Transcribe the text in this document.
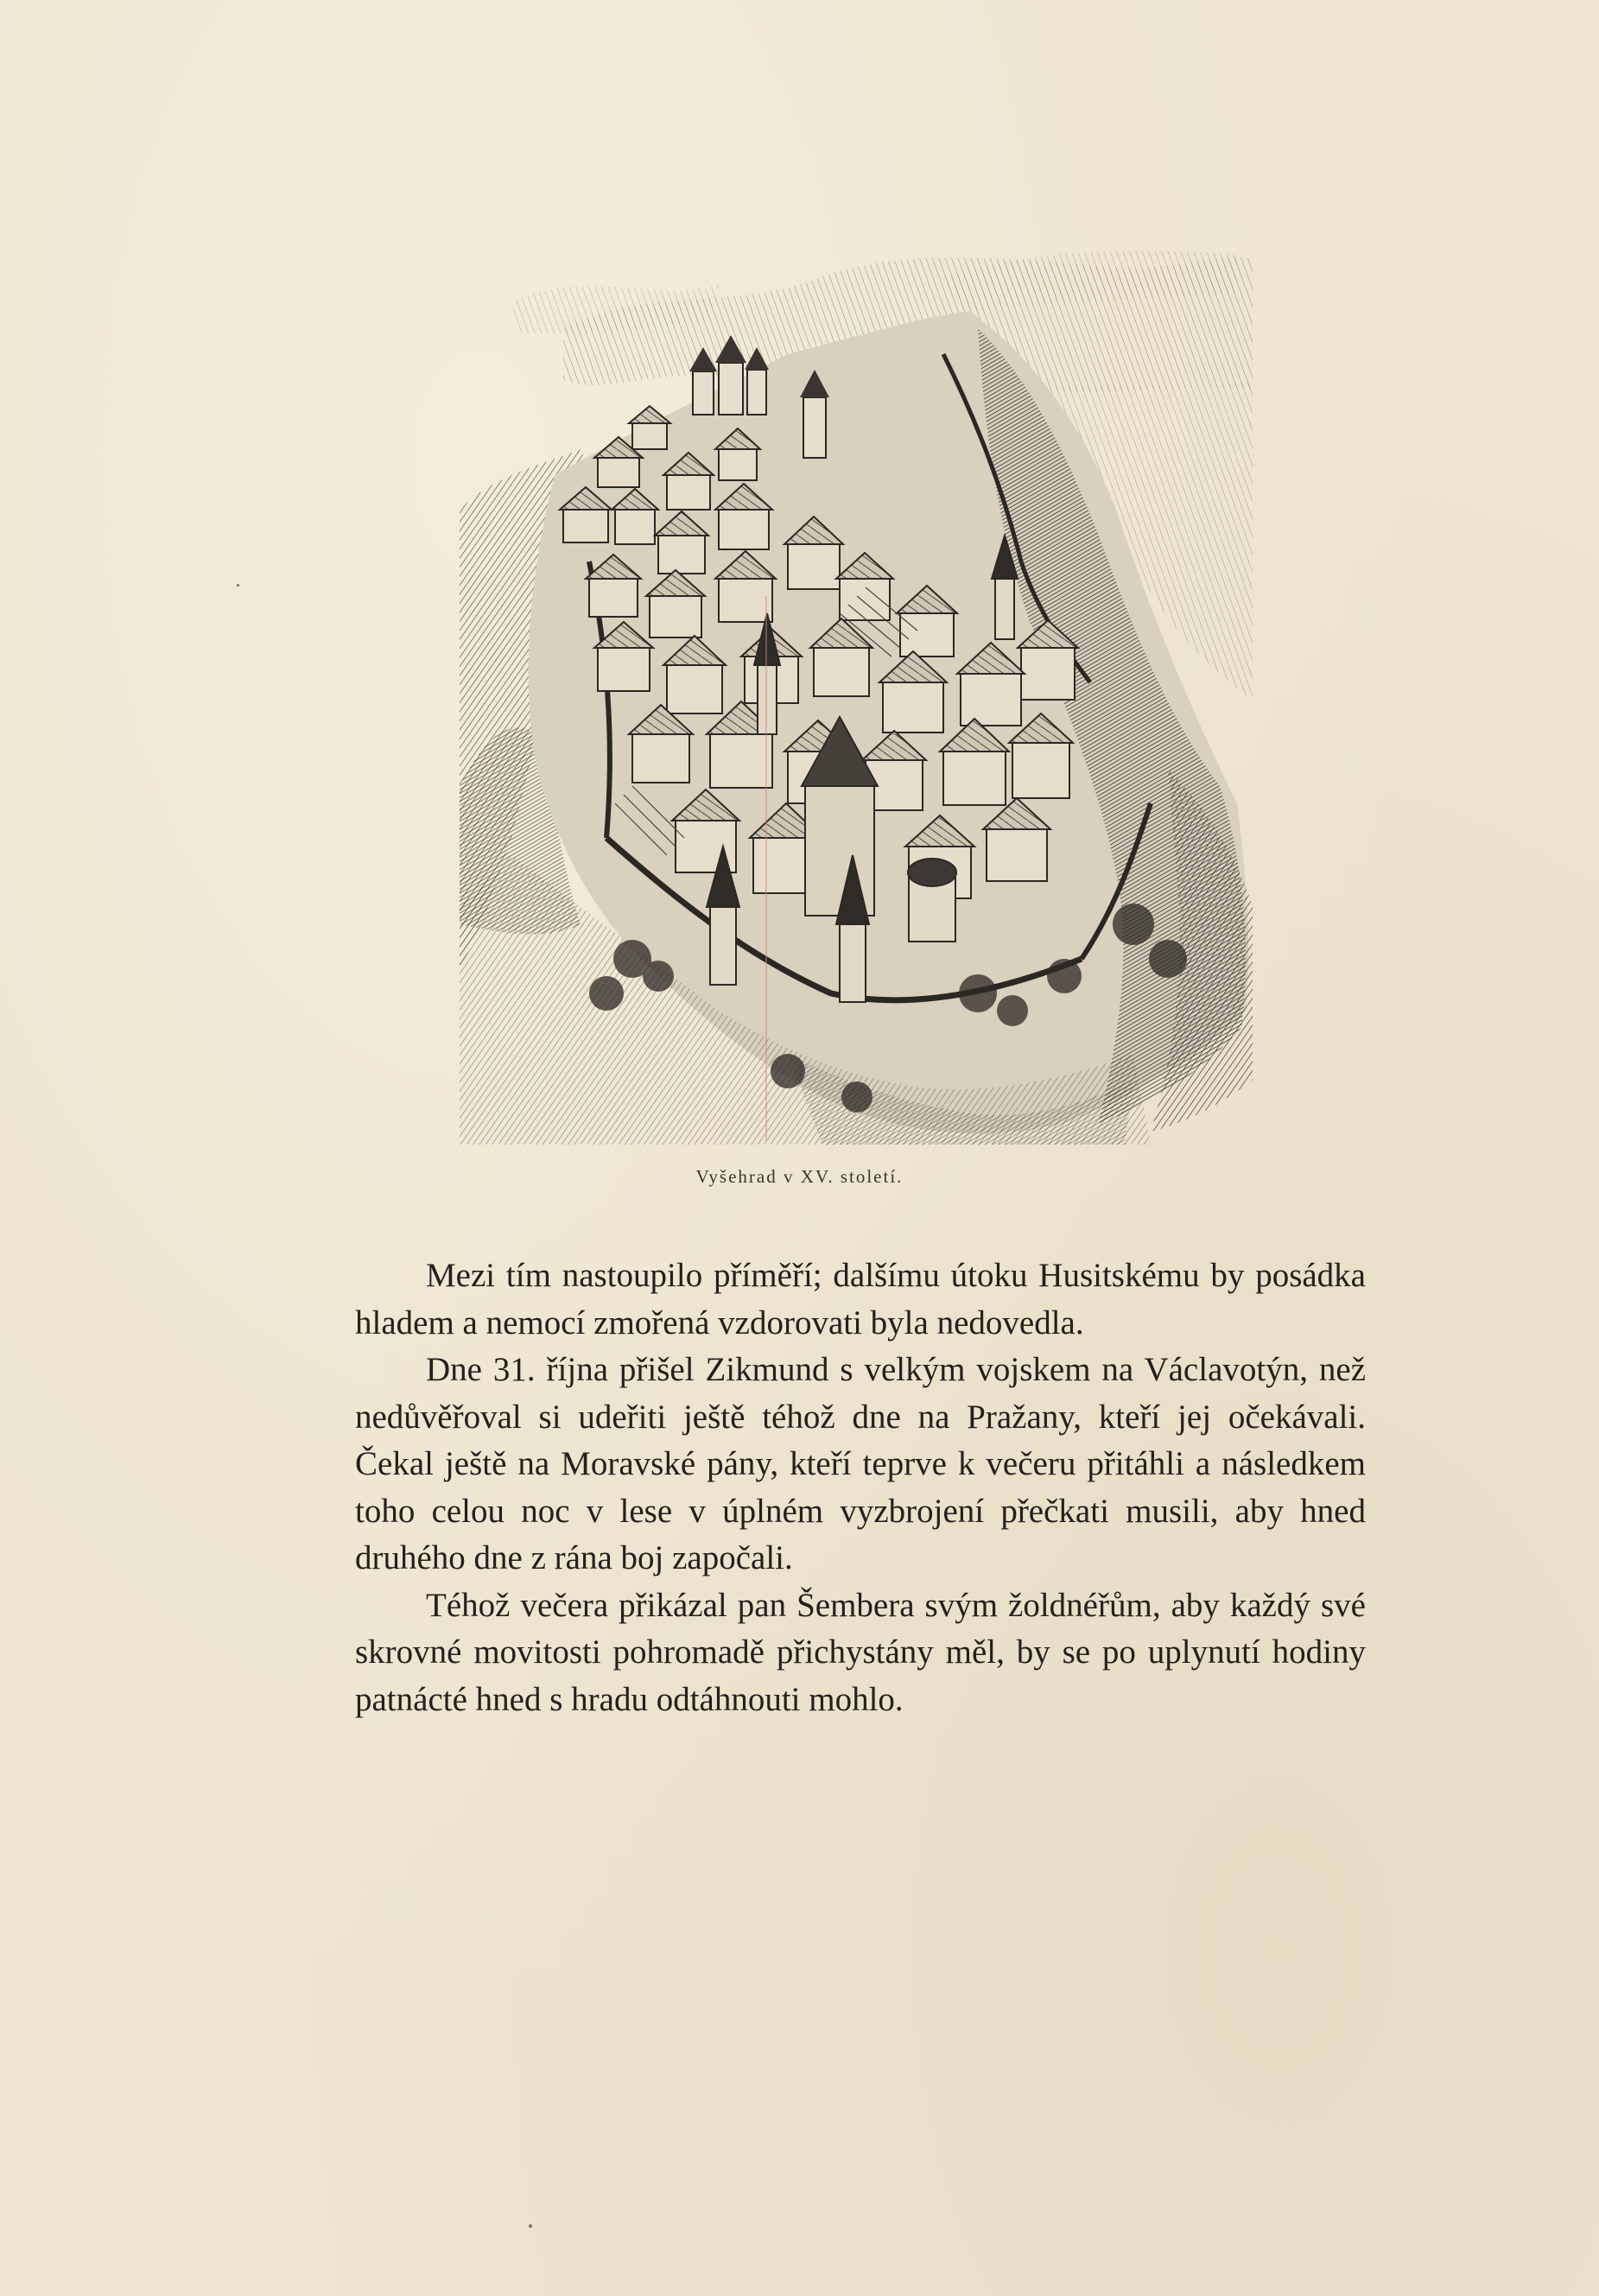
Vyšehrad v XV. století.

Mezi tím nastoupilo příměří; dalšímu útoku Husitskému by posádka hladem a nemocí zmořená vzdorovati byla nedovedla.

Dne 31. října přišel Zikmund s velkým vojskem na Václavotýn, než nedůvěřoval si udeřiti ještě téhož dne na Pražany, kteří jej očekávali. Čekal ještě na Moravské pány, kteří teprve k večeru přitáhli a následkem toho celou noc v lese v úplném vyzbrojení přečkati musili, aby hned druhého dne z rána boj započali.

Téhož večera přikázal pan Šembera svým žoldnéřům, aby každý své skrovné movitosti pohromadě přichystány měl, by se po uplynutí hodiny patnácté hned s hradu odtáhnouti mohlo.
